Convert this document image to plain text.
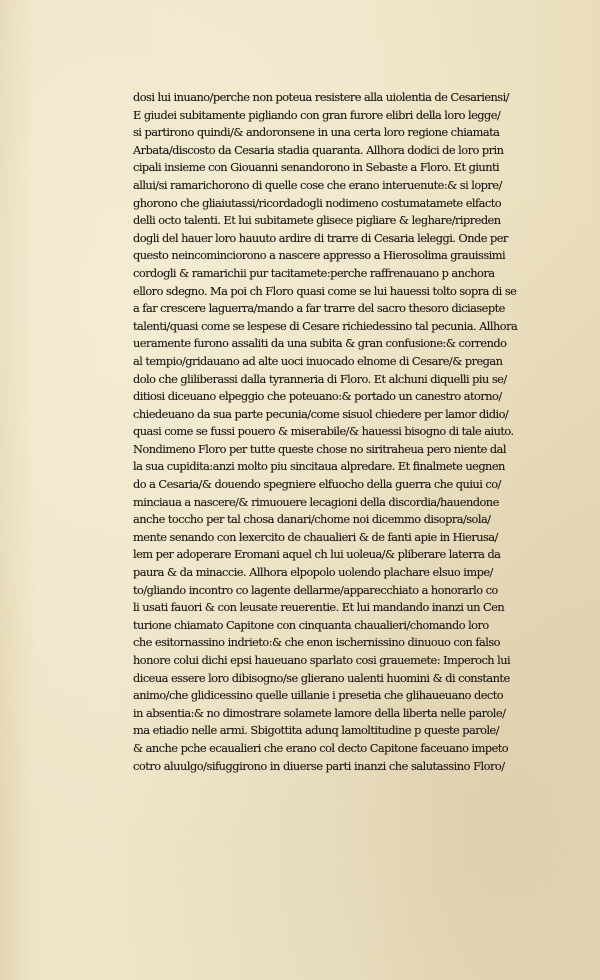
dosi lui inuano/perche non poteua resistere alla uiolentia de Cesariensi/
E giudei subitamente pigliando con gran furore elibri della loro legge/
si partirono quindi/& andoronsene in una certa loro regione chiamata
Arbata/discosto da Cesaria stadia quaranta. Allhora dodici de loro prin
cipali insieme con Giouanni senandorono in Sebaste a Floro. Et giunti
allui/si ramarichorono di quelle cose che erano interuenute:& si lopre/
ghorono che gliaiutassi/ricordadogli nodimeno costumatamete elfacto
delli octo talenti. Et lui subitamete glisece pigliare & leghare/ripreden
dogli del hauer loro hauuto ardire di trarre di Cesaria leleggi. Onde per
questo neincominciorono a nascere appresso a Hierosolima grauissimi
cordogli & ramarichii pur tacitamete:perche raffrenauano p anchora
elloro sdegno. Ma poi ch Floro quasi come se lui hauessi tolto sopra di se
a far crescere laguerra/mando a far trarre del sacro thesoro diciasepte
talenti/quasi come se lespese di Cesare richiedessino tal pecunia. Allhora
ueramente furono assaliti da una subita & gran confusione:& correndo
al tempio/gridauano ad alte uoci inuocado elnome di Cesare/& pregan
dolo che gliliberassi dalla tyranneria di Floro. Et alchuni diquelli piu se/
ditiosi diceuano elpeggio che poteuano:& portado un canestro atorno/
chiedeuano da sua parte pecunia/come sisuol chiedere per lamor didio/
quasi come se fussi pouero & miserabile/& hauessi bisogno di tale aiuto.
Nondimeno Floro per tutte queste chose no siritraheua pero niente dal
la sua cupidita:anzi molto piu sincitaua alpredare. Et finalmete uegnen
do a Cesaria/& douendo spegniere elfuocho della guerra che quiui co/
minciaua a nascere/& rimuouere lecagioni della discordia/hauendone
anche toccho per tal chosa danari/chome noi dicemmo disopra/sola/
mente senando con lexercito de chaualieri & de fanti apie in Hierusa/
lem per adoperare Eromani aquel ch lui uoleua/& pliberare laterra da
paura & da minaccie. Allhora elpopolo uolendo placharе elsuo impe/
to/gliando incontro co lagente dellarme/apparecchiato a honorarlo co
li usati fauori & con leusate reuerentie. Et lui mandando inanzi un Cen
turione chiamato Capitone con cinquanta chaualieri/chomando loro
che esitornassino indrieto:& che enon ischernissino dinuouo con falso
honore colui dichi epsi haueuano sparlato cosi grauemete: Imperoch lui
diceua essere loro dibisogno/se glierano ualenti huomini & di constante
animo/che glidicessino quelle uillanie i presetia che glihaueuano decto
in absentia:& no dimostrare solamete lamore della liberta nelle parole/
ma etiadio nelle armi. Sbigottita adunq lamoltitudine p queste parole/
& anche pche ecaualieri che erano col decto Capitone faceuano impeto
cotro aluulgo/sifuggirono in diuerse parti inanzi che salutassino Floro/
